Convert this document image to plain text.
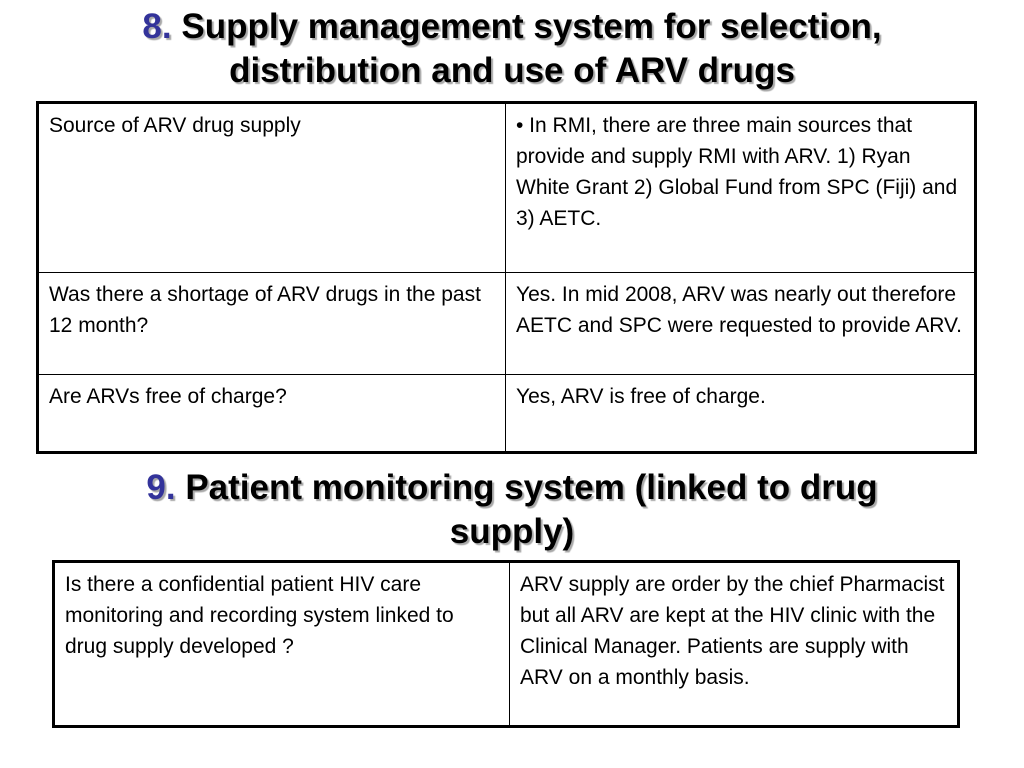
8. Supply management system for selection,
distribution and use of ARV drugs
Source of ARV drug supply	• In RMI, there are three main sources that provide and supply RMI with ARV. 1) Ryan White Grant 2) Global Fund from SPC (Fiji) and 3) AETC.
Was there a shortage of ARV drugs in the past 12 month?	Yes. In mid 2008, ARV was nearly out therefore AETC and SPC were requested to provide ARV.
Are ARVs free of charge?	Yes, ARV is free of charge.
9. Patient monitoring system (linked to drug
supply)
Is there a confidential patient HIV care monitoring and recording system linked to drug supply developed ?	ARV supply are order by the chief Pharmacist but all ARV are kept at the HIV clinic with the Clinical Manager. Patients are supply with ARV on a monthly basis.
